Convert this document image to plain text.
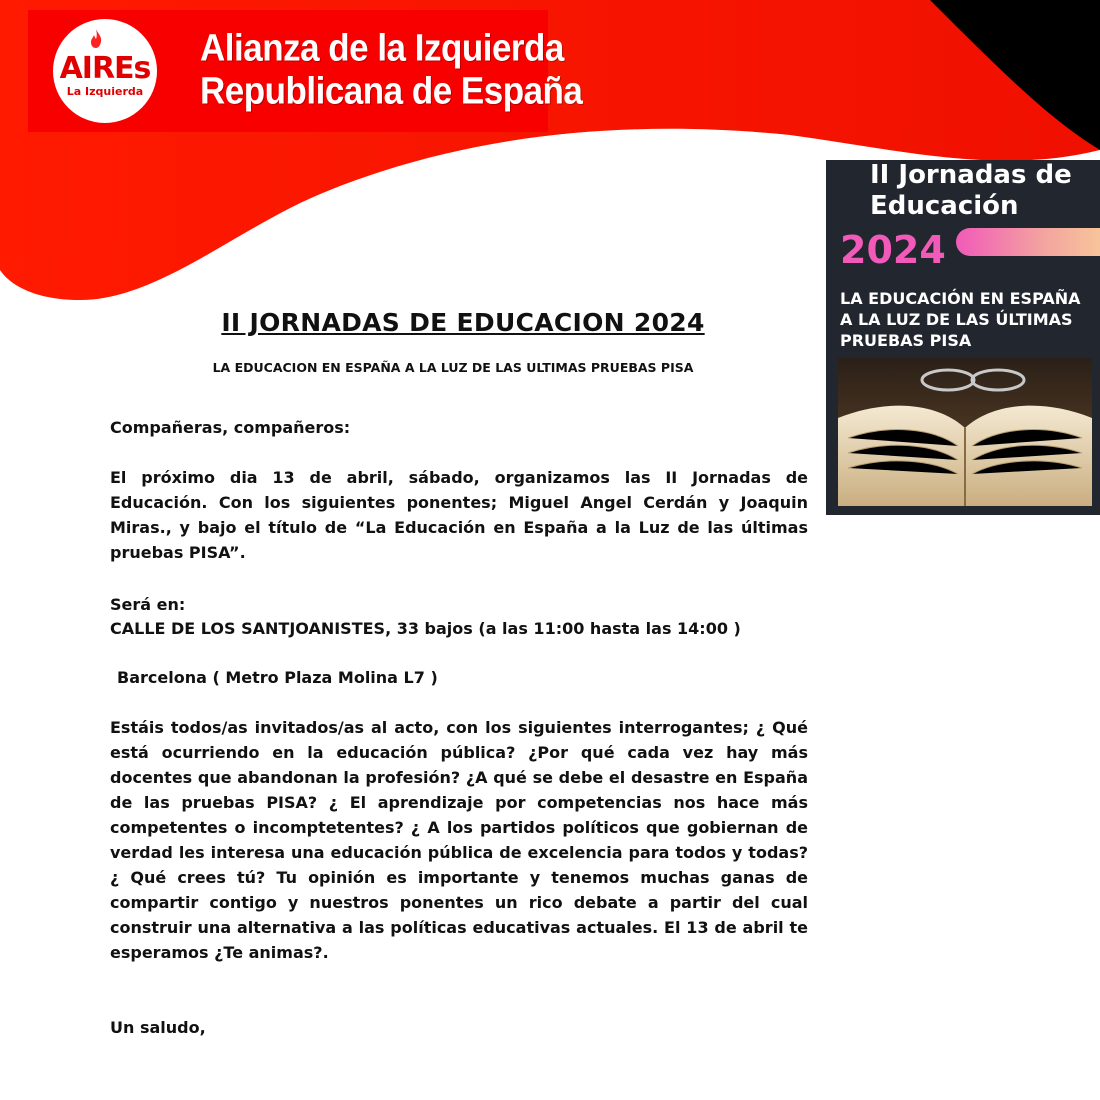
AIREs
La Izquierda
Alianza de la Izquierda
Republicana de España
II Jornadas de
Educación
2024
LA EDUCACIÓN EN ESPAÑA
A LA LUZ DE LAS ÚLTIMAS
PRUEBAS PISA
II JORNADAS DE EDUCACION 2024
LA EDUCACION EN ESPAÑA A LA LUZ DE LAS ULTIMAS PRUEBAS PISA
Compañeras, compañeros:
El próximo dia 13 de abril, sábado, organizamos las II Jornadas de Educación. Con los siguientes ponentes; Miguel Angel Cerdán y Joaquin Miras., y bajo el título de “La Educación en España a la Luz de las últimas pruebas PISA”.
Será en:
CALLE DE LOS SANTJOANISTES, 33 bajos (a las 11:00 hasta las 14:00 )
Barcelona ( Metro Plaza Molina L7 )
Estáis todos/as invitados/as al acto, con los siguientes interrogantes; ¿ Qué está ocurriendo en la educación pública? ¿Por qué cada vez hay más docentes que abandonan la profesión? ¿A qué se debe el desastre en España de las pruebas PISA? ¿ El aprendizaje por competencias nos hace más competentes o incomptetentes? ¿ A los partidos políticos que gobiernan de verdad les interesa una educación pública de excelencia para todos y todas? ¿ Qué crees tú? Tu opinión es importante y tenemos muchas ganas de compartir contigo y nuestros ponentes un rico debate a partir del cual construir una alternativa a las políticas educativas actuales. El 13 de abril te esperamos ¿Te animas?.
Un saludo,
